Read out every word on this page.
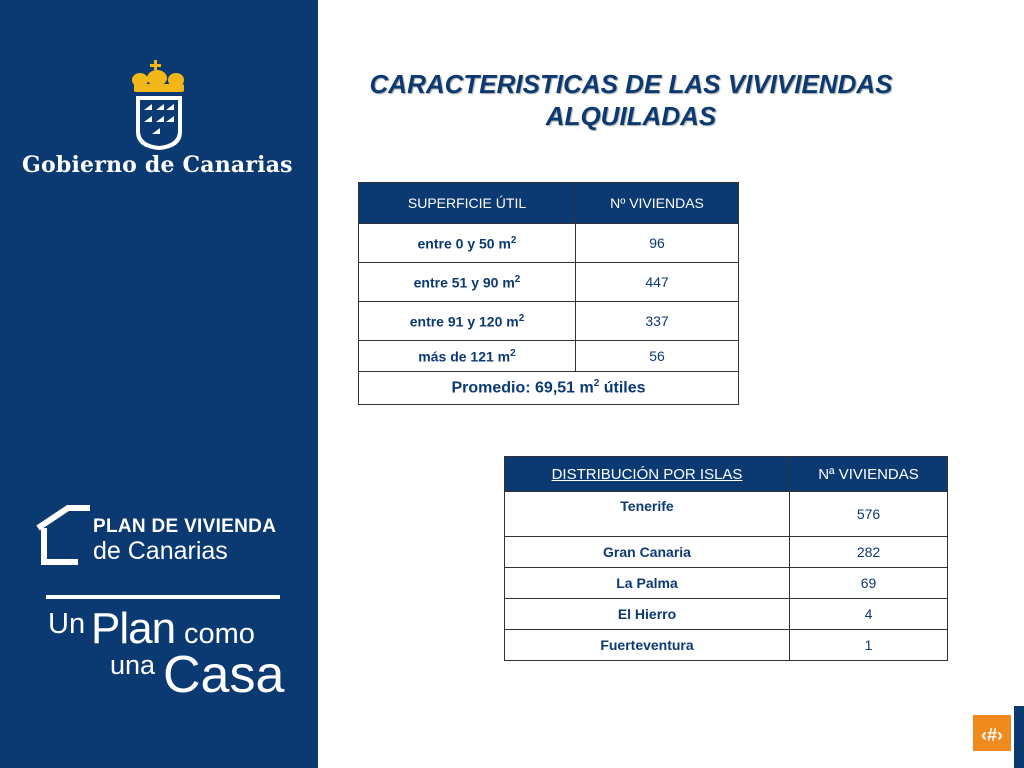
Gobierno de Canarias
PLAN DE VIVIENDA
de Canarias
Un Plan como
una Casa
CARACTERISTICAS DE LAS VIVIVIENDAS
ALQUILADAS
SUPERFICIE ÚTIL	Nº VIVIENDAS
entre 0 y 50 $m^2$	96
entre 51 y 90 $m^2$	447
entre 91 y 120 $m^2$	337
más de 121 $m^2$	56
Promedio: 69,51 $m^2$ útiles	
DISTRIBUCIÓN POR ISLAS	Nª VIVIENDAS
Tenerife	576
Gran Canaria	282
La Palma	69
El Hierro	4
Fuerteventura	1
‹#›
